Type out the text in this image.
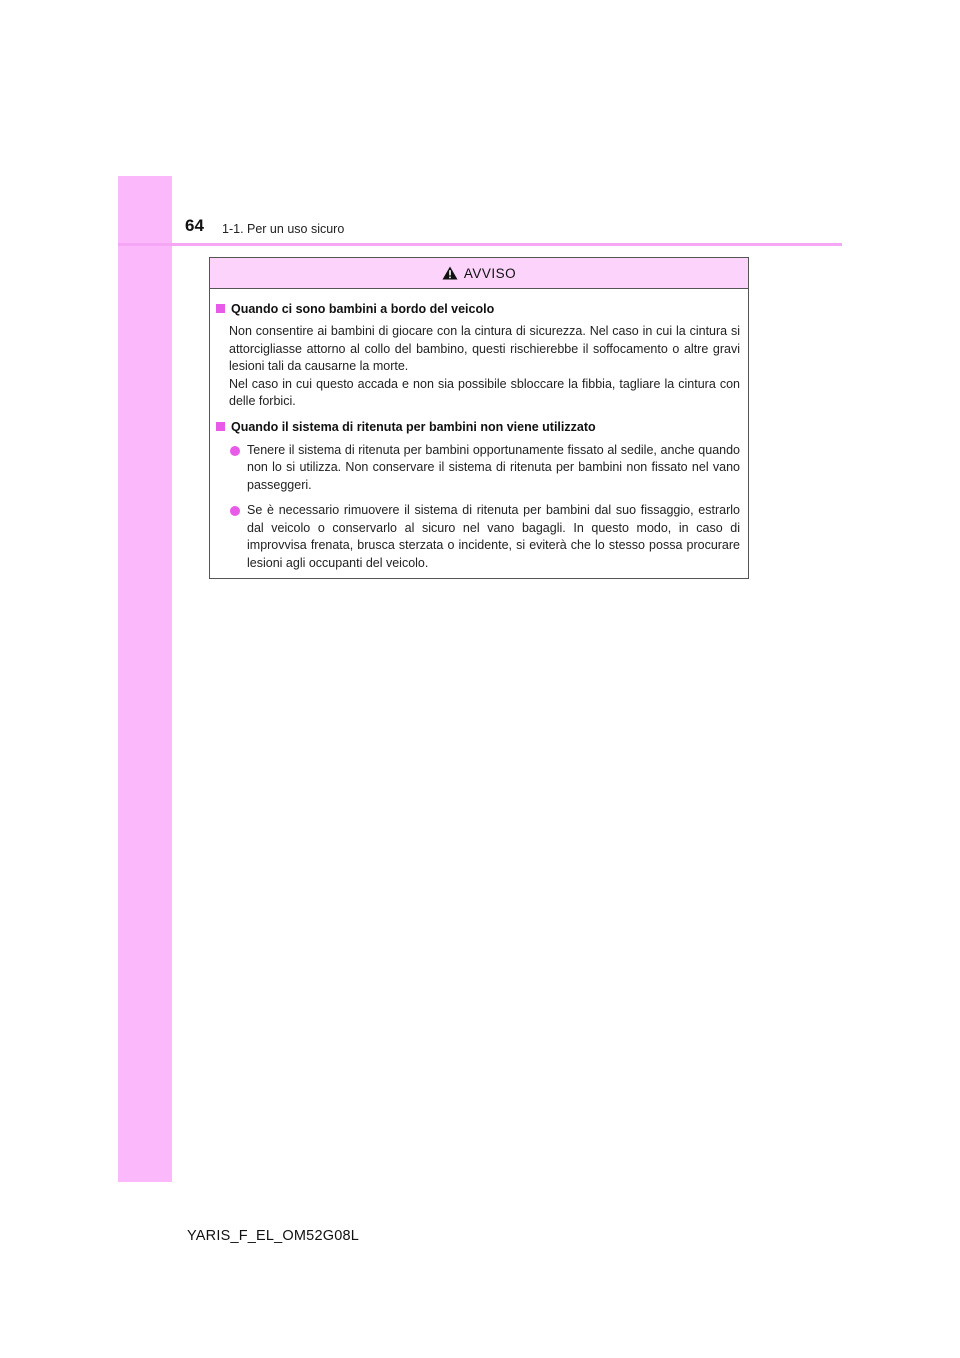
64 1-1. Per un uso sicuro
AVVISO
Quando ci sono bambini a bordo del veicolo
Non consentire ai bambini di giocare con la cintura di sicurezza. Nel caso in cui la cintura si attorcigliasse attorno al collo del bambino, questi rischierebbe il soffocamento o altre gravi lesioni tali da causarne la morte.
Nel caso in cui questo accada e non sia possibile sbloccare la fibbia, tagliare la cintura con delle forbici.
Quando il sistema di ritenuta per bambini non viene utilizzato
Tenere il sistema di ritenuta per bambini opportunamente fissato al sedile, anche quando non lo si utilizza. Non conservare il sistema di ritenuta per bambini non fissato nel vano passeggeri.
Se è necessario rimuovere il sistema di ritenuta per bambini dal suo fissaggio, estrarlo dal veicolo o conservarlo al sicuro nel vano bagagli. In questo modo, in caso di improvvisa frenata, brusca sterzata o incidente, si eviterà che lo stesso possa procurare lesioni agli occupanti del veicolo.
YARIS_F_EL_OM52G08L
